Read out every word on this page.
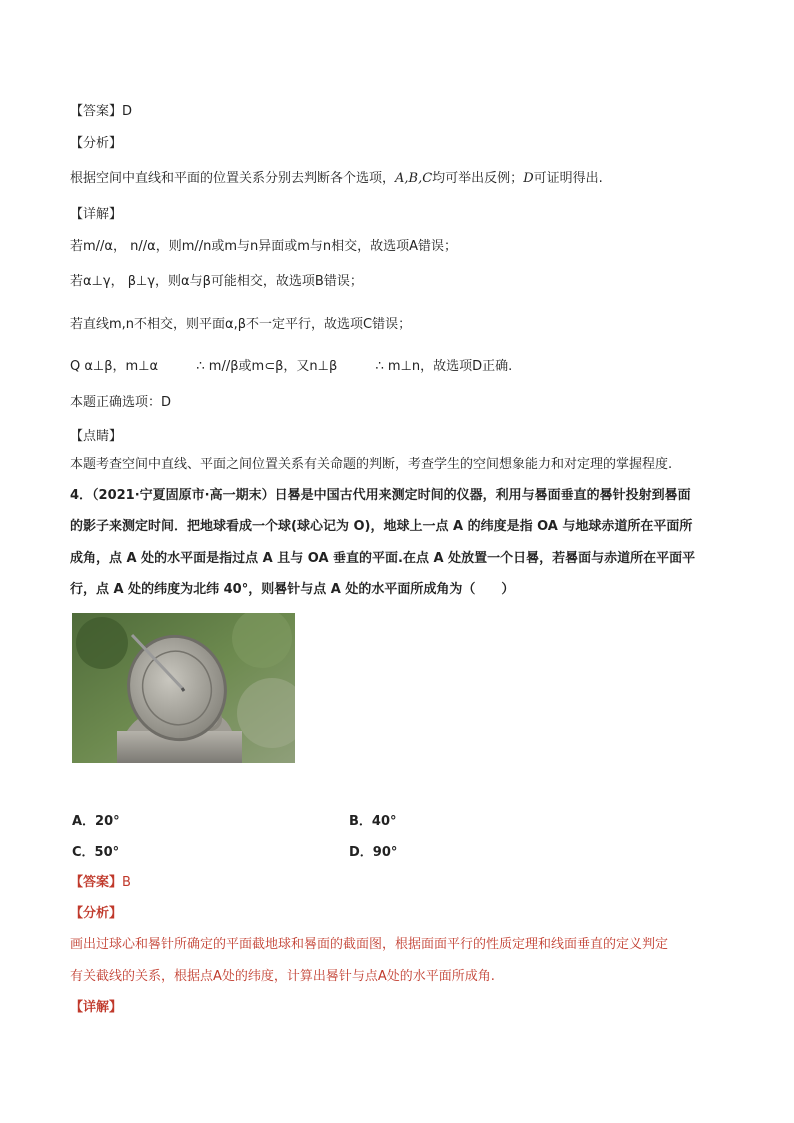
【答案】D
【分析】
根据空间中直线和平面的位置关系分别去判断各个选项，A,B,C均可举出反例；D可证明得出.
【详解】
若m//α， n//α，则m//n或m与n异面或m与n相交，故选项A错误；
若α⊥γ， β⊥γ，则α与β可能相交，故选项B错误；
若直线m,n不相交，则平面α,β不一定平行，故选项C错误；
Q α⊥β，m⊥α	∴ m//β或m⊂β，又n⊥β	∴ m⊥n，故选项D正确.
本题正确选项：D
【点睛】
本题考查空间中直线、平面之间位置关系有关命题的判断，考查学生的空间想象能力和对定理的掌握程度.
4．（2021·宁夏固原市·高一期末）日晷是中国古代用来测定时间的仪器，利用与晷面垂直的晷针投射到晷面
的影子来测定时间．把地球看成一个球(球心记为 O)，地球上一点 A 的纬度是指 OA 与地球赤道所在平面所
成角，点 A 处的水平面是指过点 A 且与 OA 垂直的平面.在点 A 处放置一个日晷，若晷面与赤道所在平面平
行，点 A 处的纬度为北纬 40°，则晷针与点 A 处的水平面所成角为（　　）
A．20°	B．40°
C．50°	D．90°
【答案】B
【分析】
画出过球心和晷针所确定的平面截地球和晷面的截面图，根据面面平行的性质定理和线面垂直的定义判定
有关截线的关系，根据点A处的纬度，计算出晷针与点A处的水平面所成角.
【详解】
